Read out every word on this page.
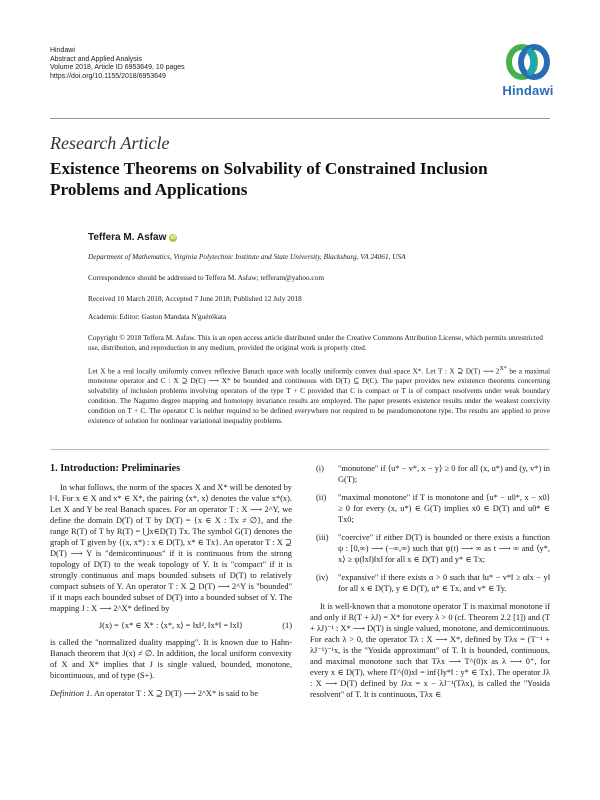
Hindawi
Abstract and Applied Analysis
Volume 2018, Article ID 6953649, 10 pages
https://doi.org/10.1155/2018/6953649
Hindawi
Research Article
Existence Theorems on Solvability of Constrained Inclusion Problems and Applications
Teffera M. Asfaw iD
Department of Mathematics, Virginia Polytechnic Institute and State University, Blacksburg, VA 24061, USA
Correspondence should be addressed to Teffera M. Asfaw; tefferam@yahoo.com
Received 10 March 2018; Accepted 7 June 2018; Published 12 July 2018
Academic Editor: Gaston Mandata N'guérékata
Copyright © 2018 Teffera M. Asfaw. This is an open access article distributed under the Creative Commons Attribution License, which permits unrestricted use, distribution, and reproduction in any medium, provided the original work is properly cited.
Let X be a real locally uniformly convex reflexive Banach space with locally uniformly convex dual space X*. Let T : X ⊇ D(T) ⟶ $2^{X*}$ be a maximal monotone operator and C : X ⊇ D(C) ⟶ X* be bounded and continuous with D(T) ⊆ D(C). The paper provides new existence theorems concerning solvability of inclusion problems involving operators of the type T + C provided that C is compact or T is of compact resolvents under weak boundary condition. The Nagumo degree mapping and homotopy invariance results are employed. The paper presents existence results under the weakest coercivity condition on T + C. The operator C is neither required to be defined everywhere nor required to be pseudomonotone type. The results are applied to prove existence of solution for nonlinear variational inequality problems.
1. Introduction: Preliminaries

In what follows, the norm of the spaces X and X* will be denoted by ‖·‖. For x ∈ X and x* ∈ X*, the pairing ⟨x*, x⟩ denotes the value x*(x). Let X and Y be real Banach spaces. For an operator T : X ⟶ 2^Y, we define the domain D(T) of T by D(T) = {x ∈ X : Tx ≠ ∅}, and the range R(T) of T by R(T) = ⋃x∈D(T) Tx. The symbol G(T) denotes the graph of T given by {(x, x*) : x ∈ D(T), x* ∈ Tx}. An operator T : X ⊇ D(T) ⟶ Y is "demicontinuous" if it is continuous from the strong topology of D(T) to the weak topology of Y. It is "compact" if it is strongly continuous and maps bounded subsets of D(T) to relatively compact subsets of Y. An operator T : X ⊇ D(T) ⟶ 2^Y is "bounded" if it maps each bounded subset of D(T) into a bounded subset of Y. The mapping J : X ⟶ 2^X* defined by

J(x) = {x* ∈ X* : ⟨x*, x⟩ = ‖x‖², ‖x*‖ = ‖x‖}	(1)

is called the "normalized duality mapping". It is known due to Hahn-Banach theorem that J(x) ≠ ∅. In addition, the local uniform convexity of X and X* implies that J is single valued, bounded, monotone, bicontinuous, and of type (S+).

Definition 1. An operator T : X ⊇ D(T) ⟶ 2^X* is said to be

(i) "monotone" if ⟨u* − v*, x − y⟩ ≥ 0 for all (x, u*) and (y, v*) in G(T);
(ii) "maximal monotone" if T is monotone and ⟨u* − u0*, x − x0⟩ ≥ 0 for every (x, u*) ∈ G(T) implies x0 ∈ D(T) and u0* ∈ Tx0;
(iii) "coercive" if either D(T) is bounded or there exists a function ψ : [0,∞) ⟶ (−∞,∞) such that ψ(t) ⟶ ∞ as t ⟶ ∞ and ⟨y*, x⟩ ≥ ψ(‖x‖)‖x‖ for all x ∈ D(T) and y* ∈ Tx;
(iv) "expansive" if there exists α > 0 such that ‖u* − v*‖ ≥ α‖x − y‖ for all x ∈ D(T), y ∈ D(T), u* ∈ Tx, and v* ∈ Ty.

It is well-known that a monotone operator T is maximal monotone if and only if R(T + λJ) = X* for every λ > 0 (cf. Theorem 2.2 [1]) and (T + λJ)⁻¹ : X* ⟶ D(T) is single valued, monotone, and demicontinuous. For each λ > 0, the operator Tλ : X ⟶ X*, defined by Tλx = (T⁻¹ + λJ⁻¹)⁻¹x, is the "Yosida approximant" of T. It is bounded, continuous, and maximal monotone such that Tλx ⟶ T^(0)x as λ ⟶ 0⁺, for every x ∈ D(T), where ‖T^(0)x‖ = inf{‖y*‖ : y* ∈ Tx}. The operator Jλ : X ⟶ D(T) defined by Jλx = x − λJ⁻¹(Tλx), is called the "Yosida resolvent" of T. It is continuous, Tλx ∈
